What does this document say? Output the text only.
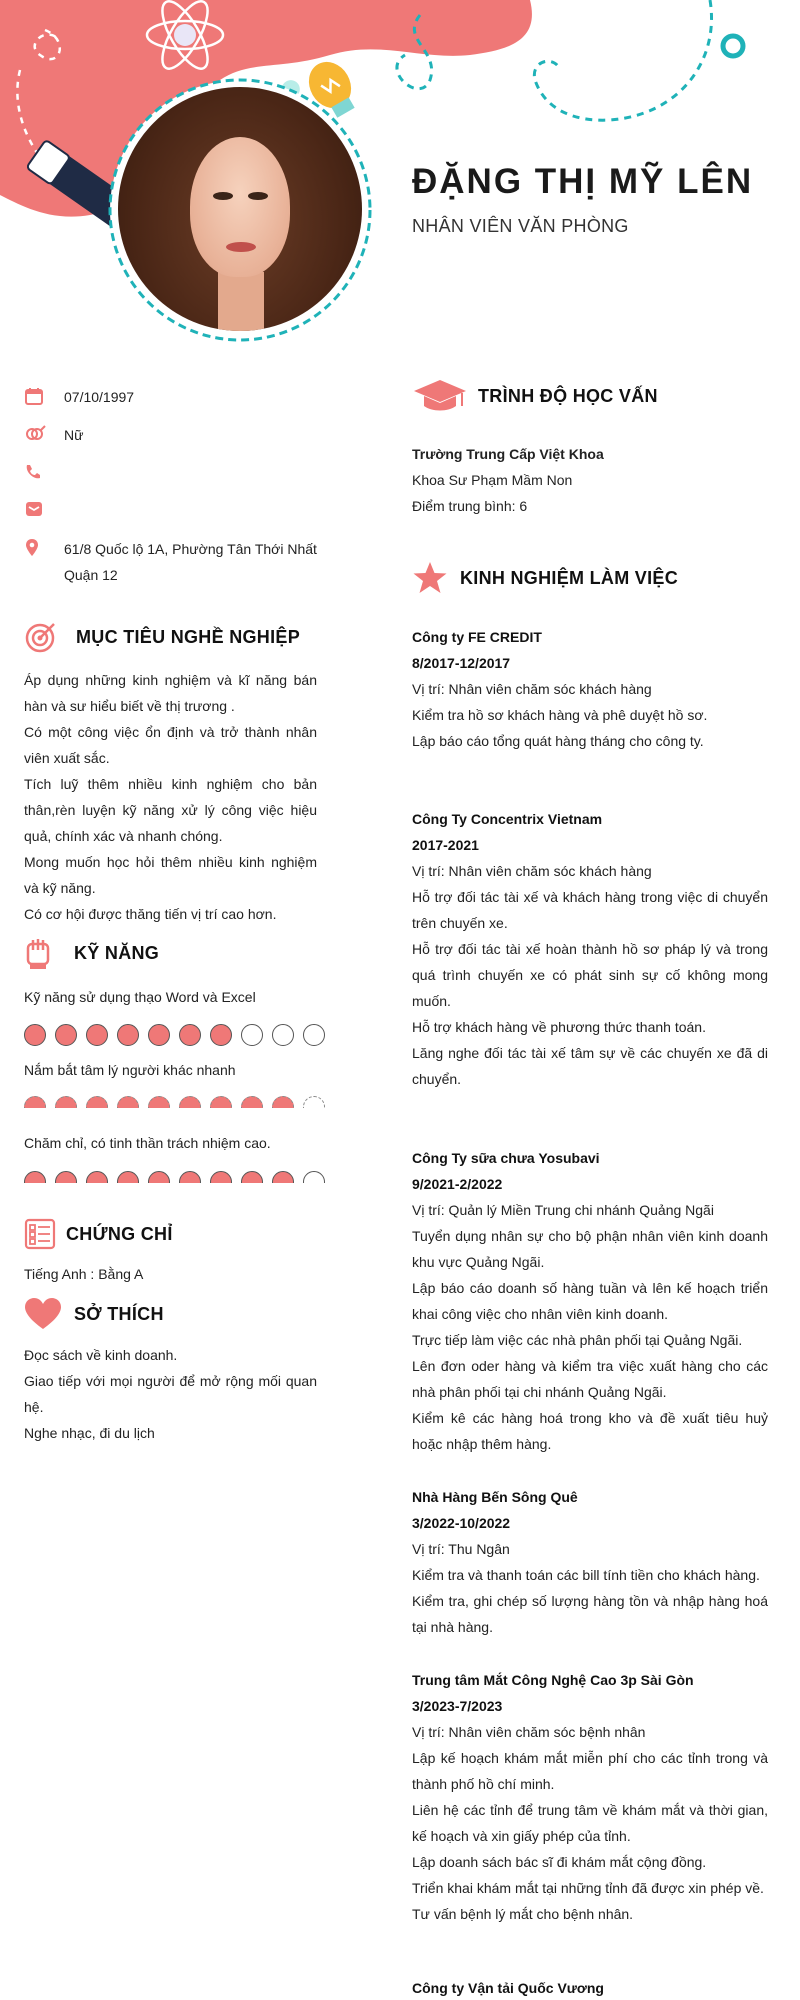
ĐẶNG THỊ MỸ LÊN
NHÂN VIÊN VĂN PHÒNG
07/10/1997
Nữ
61/8 Quốc lộ 1A, Phường Tân Thới Nhất Quận 12
MỤC TIÊU NGHỀ NGHIỆP

Áp dụng những kinh nghiệm và kĩ năng bán hàn và sư hiểu biết về thị trương .

Có một công việc ổn định và trở thành nhân viên xuất sắc.

Tích luỹ thêm nhiều kinh nghiệm cho bản thân,rèn luyện kỹ năng xử lý công việc hiệu quả, chính xác và nhanh chóng.

Mong muốn học hỏi thêm nhiều kinh nghiệm và kỹ năng.

Có cơ hội được thăng tiến vị trí cao hơn.

KỸ NĂNG
Kỹ năng sử dụng thạo Word và Excel
Nắm bắt tâm lý người khác nhanh
Chăm chỉ, có tinh thần trách nhiệm cao.
CHỨNG CHỈ
Tiếng Anh : Bằng A
SỞ THÍCH

Đọc sách về kinh doanh.

Giao tiếp với mọi người để mở rộng mối quan hệ.

Nghe nhạc, đi du lịch

TRÌNH ĐỘ HỌC VẤN
Trường Trung Cấp Việt Khoa
Khoa Sư Phạm Mầm Non
Điểm trung bình: 6
KINH NGHIỆM LÀM VIỆC
Công ty FE CREDIT
8/2017-12/2017

Vị trí: Nhân viên chăm sóc khách hàng

Kiểm tra hồ sơ khách hàng và phê duyệt hồ sơ.

Lập báo cáo tổng quát hàng tháng cho công ty.

Công Ty Concentrix Vietnam
2017-2021

Vị trí: Nhân viên chăm sóc khách hàng

Hỗ trợ đối tác tài xế và khách hàng trong việc di chuyển trên chuyến xe.

Hỗ trợ đối tác tài xế hoàn thành hồ sơ pháp lý và trong quá trình chuyến xe có phát sinh sự cố không mong muốn.

Hỗ trợ khách hàng về phương thức thanh toán.

Lăng nghe đối tác tài xế tâm sự về các chuyến xe đã di chuyển.

Công Ty sữa chưa Yosubavi
9/2021-2/2022

Vị trí: Quản lý Miền Trung chi nhánh Quảng Ngãi

Tuyển dụng nhân sự cho bộ phận nhân viên kinh doanh khu vực Quảng Ngãi.

Lập báo cáo doanh số hàng tuần và lên kế hoạch triển khai công việc cho nhân viên kinh doanh.

Trực tiếp làm việc các nhà phân phối tại Quảng Ngãi.

Lên đơn oder hàng và kiểm tra việc xuất hàng cho các nhà phân phối tại chi nhánh Quảng Ngãi.

Kiểm kê các hàng hoá trong kho và đề xuất tiêu huỷ hoặc nhập thêm hàng.

Nhà Hàng Bến Sông Quê
3/2022-10/2022

Vị trí: Thu Ngân

Kiểm tra và thanh toán các bill tính tiền cho khách hàng.

Kiểm tra, ghi chép số lượng hàng tồn và nhập hàng hoá tại nhà hàng.

Trung tâm Mắt Công Nghệ Cao 3p Sài Gòn
3/2023-7/2023

Vị trí: Nhân viên chăm sóc bệnh nhân

Lập kế hoạch khám mắt miễn phí cho các tỉnh trong và thành phố hồ chí minh.

Liên hệ các tỉnh để trung tâm về khám mắt và thời gian, kế hoạch và xin giấy phép của tỉnh.

Lập doanh sách bác sĩ đi khám mắt cộng đồng.

Triển khai khám mắt tại những tỉnh đã được xin phép về.

Tư vấn bệnh lý mắt cho bệnh nhân.

Công ty Vận tải Quốc Vương
